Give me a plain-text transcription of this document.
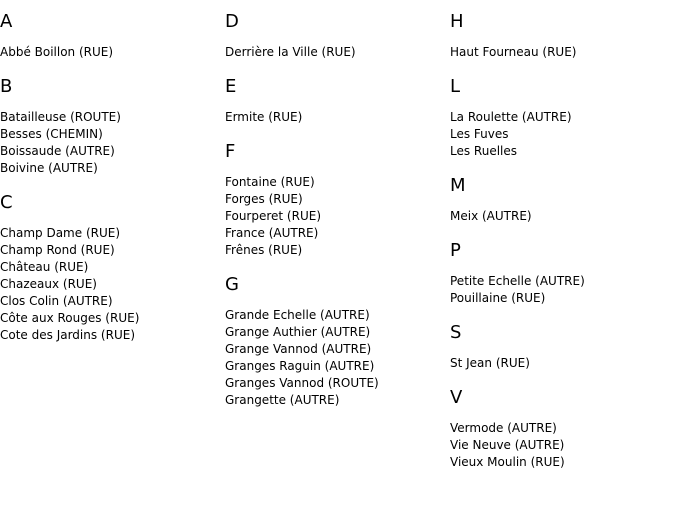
A
Abbé Boillon (RUE)
B
Batailleuse (ROUTE)
Besses (CHEMIN)
Boissaude (AUTRE)
Boivine (AUTRE)
C
Champ Dame (RUE)
Champ Rond (RUE)
Château (RUE)
Chazeaux (RUE)
Clos Colin (AUTRE)
Côte aux Rouges (RUE)
Cote des Jardins (RUE)
D
Derrière la Ville (RUE)
E
Ermite (RUE)
F
Fontaine (RUE)
Forges (RUE)
Fourperet (RUE)
France (AUTRE)
Frênes (RUE)
G
Grande Echelle (AUTRE)
Grange Authier (AUTRE)
Grange Vannod (AUTRE)
Granges Raguin (AUTRE)
Granges Vannod (ROUTE)
Grangette (AUTRE)
H
Haut Fourneau (RUE)
L
La Roulette (AUTRE)
Les Fuves
Les Ruelles
M
Meix (AUTRE)
P
Petite Echelle (AUTRE)
Pouillaine (RUE)
S
St Jean (RUE)
V
Vermode (AUTRE)
Vie Neuve (AUTRE)
Vieux Moulin (RUE)
